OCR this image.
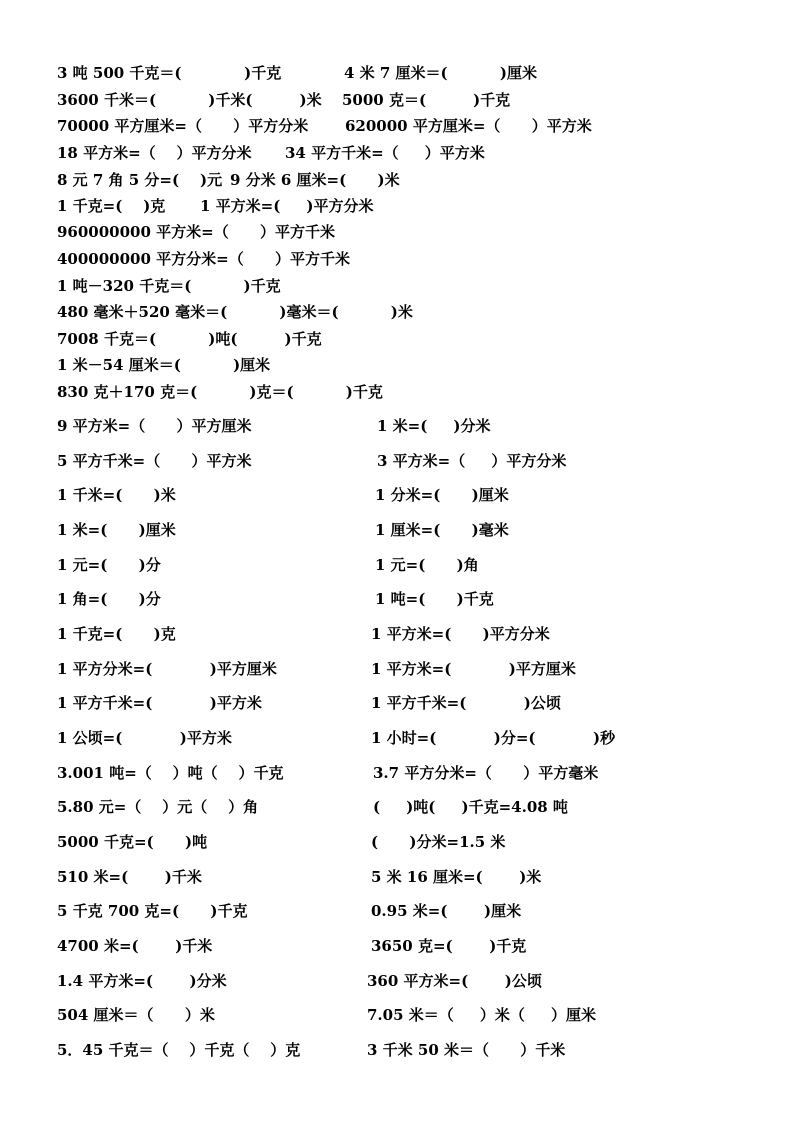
3 吨 500 千克＝(            )千克	4 米 7 厘米＝(          )厘米
3600 千米＝(          )千米(         )米 5000 克＝(         )千克
70000 平方厘米=（      ）平方分米 620000 平方厘米=（      ）平方米
18 平方米=（    ）平方分米 34 平方千米=（     ）平方米
8 元 7 角 5 分=(    )元 9 分米 6 厘米=(      )米
1 千克=(    )克 1 平方米=(     )平方分米
960000000 平方米=（      ）平方千米
400000000 平方分米=（      ）平方千米
1 吨－320 千克＝(          )千克
480 毫米＋520 毫米＝(          )毫米＝(          )米
7008 千克＝(          )吨(         )千克
1 米－54 厘米＝(          )厘米
830 克＋170 克＝(          )克＝(          )千克
9 平方米=（      ）平方厘米	1 米=(     )分米
5 平方千米=（      ）平方米	3 平方米=（     ）平方分米
1 千米=(      )米	1 分米=(      )厘米
1 米=(      )厘米	1 厘米=(      )毫米
1 元=(      )分	1 元=(      )角
1 角=(      )分	1 吨=(      )千克
1 千克=(      )克	1 平方米=(      )平方分米
1 平方分米=(           )平方厘米	1 平方米=(           )平方厘米
1 平方千米=(           )平方米	1 平方千米=(           )公顷
1 公顷=(           )平方米	1 小时=(           )分=(           )秒
3.001 吨=（    ）吨（    ）千克	3.7 平方分米=（      ）平方毫米
5.80 元=（    ）元（    ）角	(     )吨(     )千克=4.08 吨
5000 千克=(      )吨	(      )分米=1.5 米
510 米=(       )千米	5 米 16 厘米=(       )米
5 千克 700 克=(      )千克	0.95 米=(       )厘米
4700 米=(       )千米	3650 克=(       )千克
1.4 平方米=(       )分米	360 平方米=(       )公顷
504 厘米＝（      ）米	7.05 米＝（     ）米（     ）厘米
5．45 千克＝（    ）千克（    ）克	3 千米 50 米＝（      ）千米
